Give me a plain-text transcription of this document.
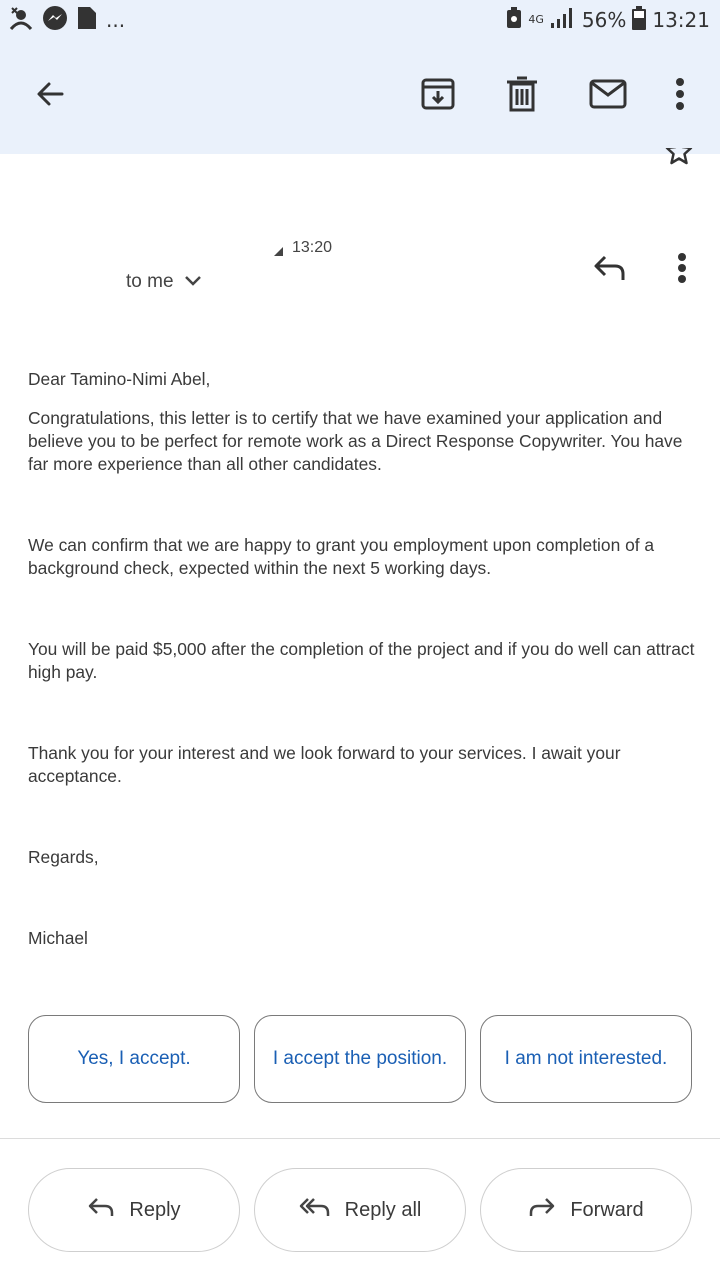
...	4G 56% 13:21
13:20
to me

Dear Tamino-Nimi Abel,

Congratulations, this letter is to certify that we have examined your application and believe you to be perfect for remote work as a Direct Response Copywriter. You have far more experience than all other candidates.

We can confirm that we are happy to grant you employment upon completion of a background check, expected within the next 5 working days.

You will be paid $5,000 after the completion of the project and if you do well can attract high pay.

Thank you for your interest and we look forward to your services. I await your acceptance.

Regards,

Michael

Yes, I accept.	I accept the position.	I am not interested.
Reply	Reply all	Forward
